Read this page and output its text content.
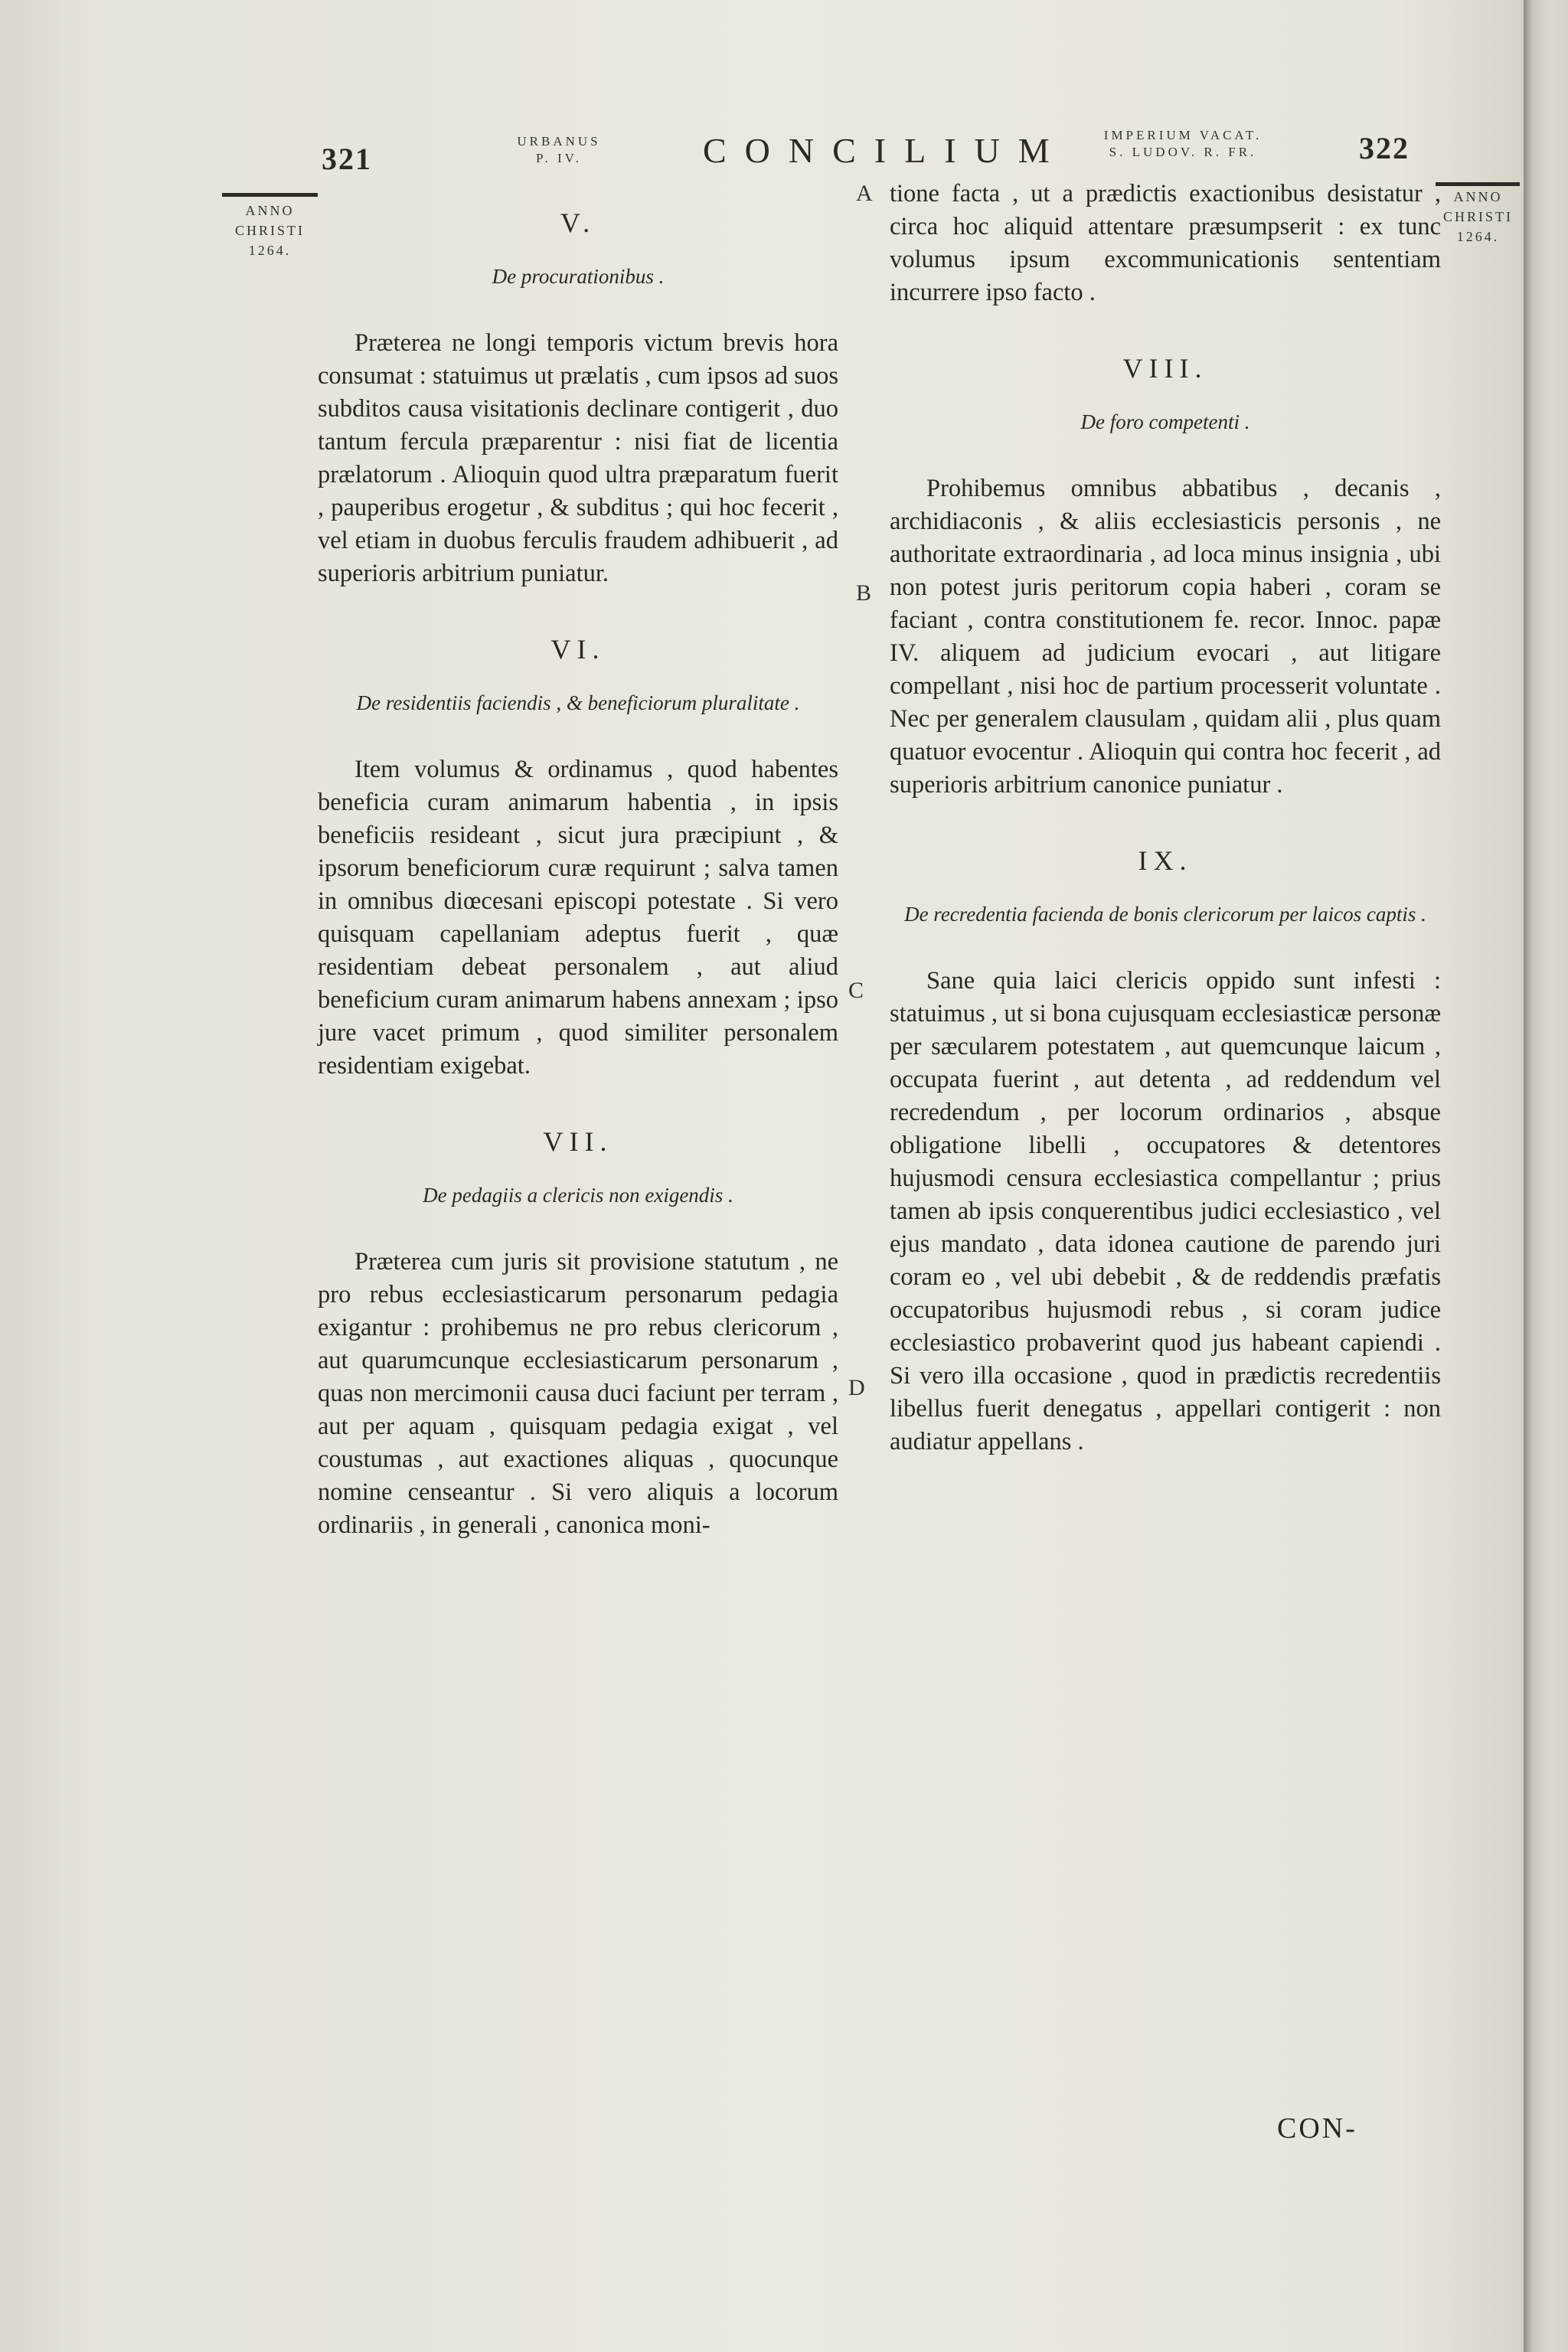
321
URBANUS
P. IV.	CONCILIUM	IMPERIUM VACAT.
S. LUDOV. R. FR.	322
ANNO
CHRISTI
1264.
ANNO
CHRISTI
1264.
A
B
C
D
V.
De procurationibus .

Præterea ne longi temporis victum brevis hora consumat : statuimus ut prælatis , cum ipsos ad suos subditos causa visitationis declinare contigerit , duo tantum fercula præparentur : nisi fiat de licentia prælatorum . Alioquin quod ultra præparatum fuerit , pauperibus erogetur , & subditus ; qui hoc fecerit , vel etiam in duobus ferculis fraudem adhibuerit , ad superioris arbitrium puniatur.

VI.
De residentiis faciendis , & beneficiorum pluralitate .

Item volumus & ordinamus , quod habentes beneficia curam animarum habentia , in ipsis beneficiis resideant , sicut jura præcipiunt , & ipsorum beneficiorum curæ requirunt ; salva tamen in omnibus diœcesani episcopi potestate . Si vero quisquam capellaniam adeptus fuerit , quæ residentiam debeat personalem , aut aliud beneficium curam animarum habens annexam ; ipso jure vacet primum , quod similiter personalem residentiam exigebat.

VII.
De pedagiis a clericis non exigendis .

Præterea cum juris sit provisione statutum , ne pro rebus ecclesiasticarum personarum pedagia exigantur : prohibemus ne pro rebus clericorum , aut quarumcunque ecclesiasticarum personarum , quas non mercimonii causa duci faciunt per terram , aut per aquam , quisquam pedagia exigat , vel coustumas , aut exactiones aliquas , quocunque nomine censeantur . Si vero aliquis a locorum ordinariis , in generali , canonica moni-

tione facta , ut a prædictis exactionibus desistatur , circa hoc aliquid attentare præsumpserit : ex tunc volumus ipsum excommunicationis sententiam incurrere ipso facto .

VIII.
De foro competenti .

Prohibemus omnibus abbatibus , decanis , archidiaconis , & aliis ecclesiasticis personis , ne authoritate extraordinaria , ad loca minus insignia , ubi non potest juris peritorum copia haberi , coram se faciant , contra constitutionem fe. recor. Innoc. papæ IV. aliquem ad judicium evocari , aut litigare compellant , nisi hoc de partium processerit voluntate . Nec per generalem clausulam , quidam alii , plus quam quatuor evocentur . Alioquin qui contra hoc fecerit , ad superioris arbitrium canonice puniatur .

IX.
De recredentia facienda de bonis clericorum per laicos captis .

Sane quia laici clericis oppido sunt infesti : statuimus , ut si bona cujusquam ecclesiasticæ personæ per sæcularem potestatem , aut quemcunque laicum , occupata fuerint , aut detenta , ad reddendum vel recredendum , per locorum ordinarios , absque obligatione libelli , occupatores & detentores hujusmodi censura ecclesiastica compellantur ; prius tamen ab ipsis conquerentibus judici ecclesiastico , vel ejus mandato , data idonea cautione de parendo juri coram eo , vel ubi debebit , & de reddendis præfatis occupatoribus hujusmodi rebus , si coram judice ecclesiastico probaverint quod jus habeant capiendi . Si vero illa occasione , quod in prædictis recredentiis libellus fuerit denegatus , appellari contigerit : non audiatur appellans .

CON-
